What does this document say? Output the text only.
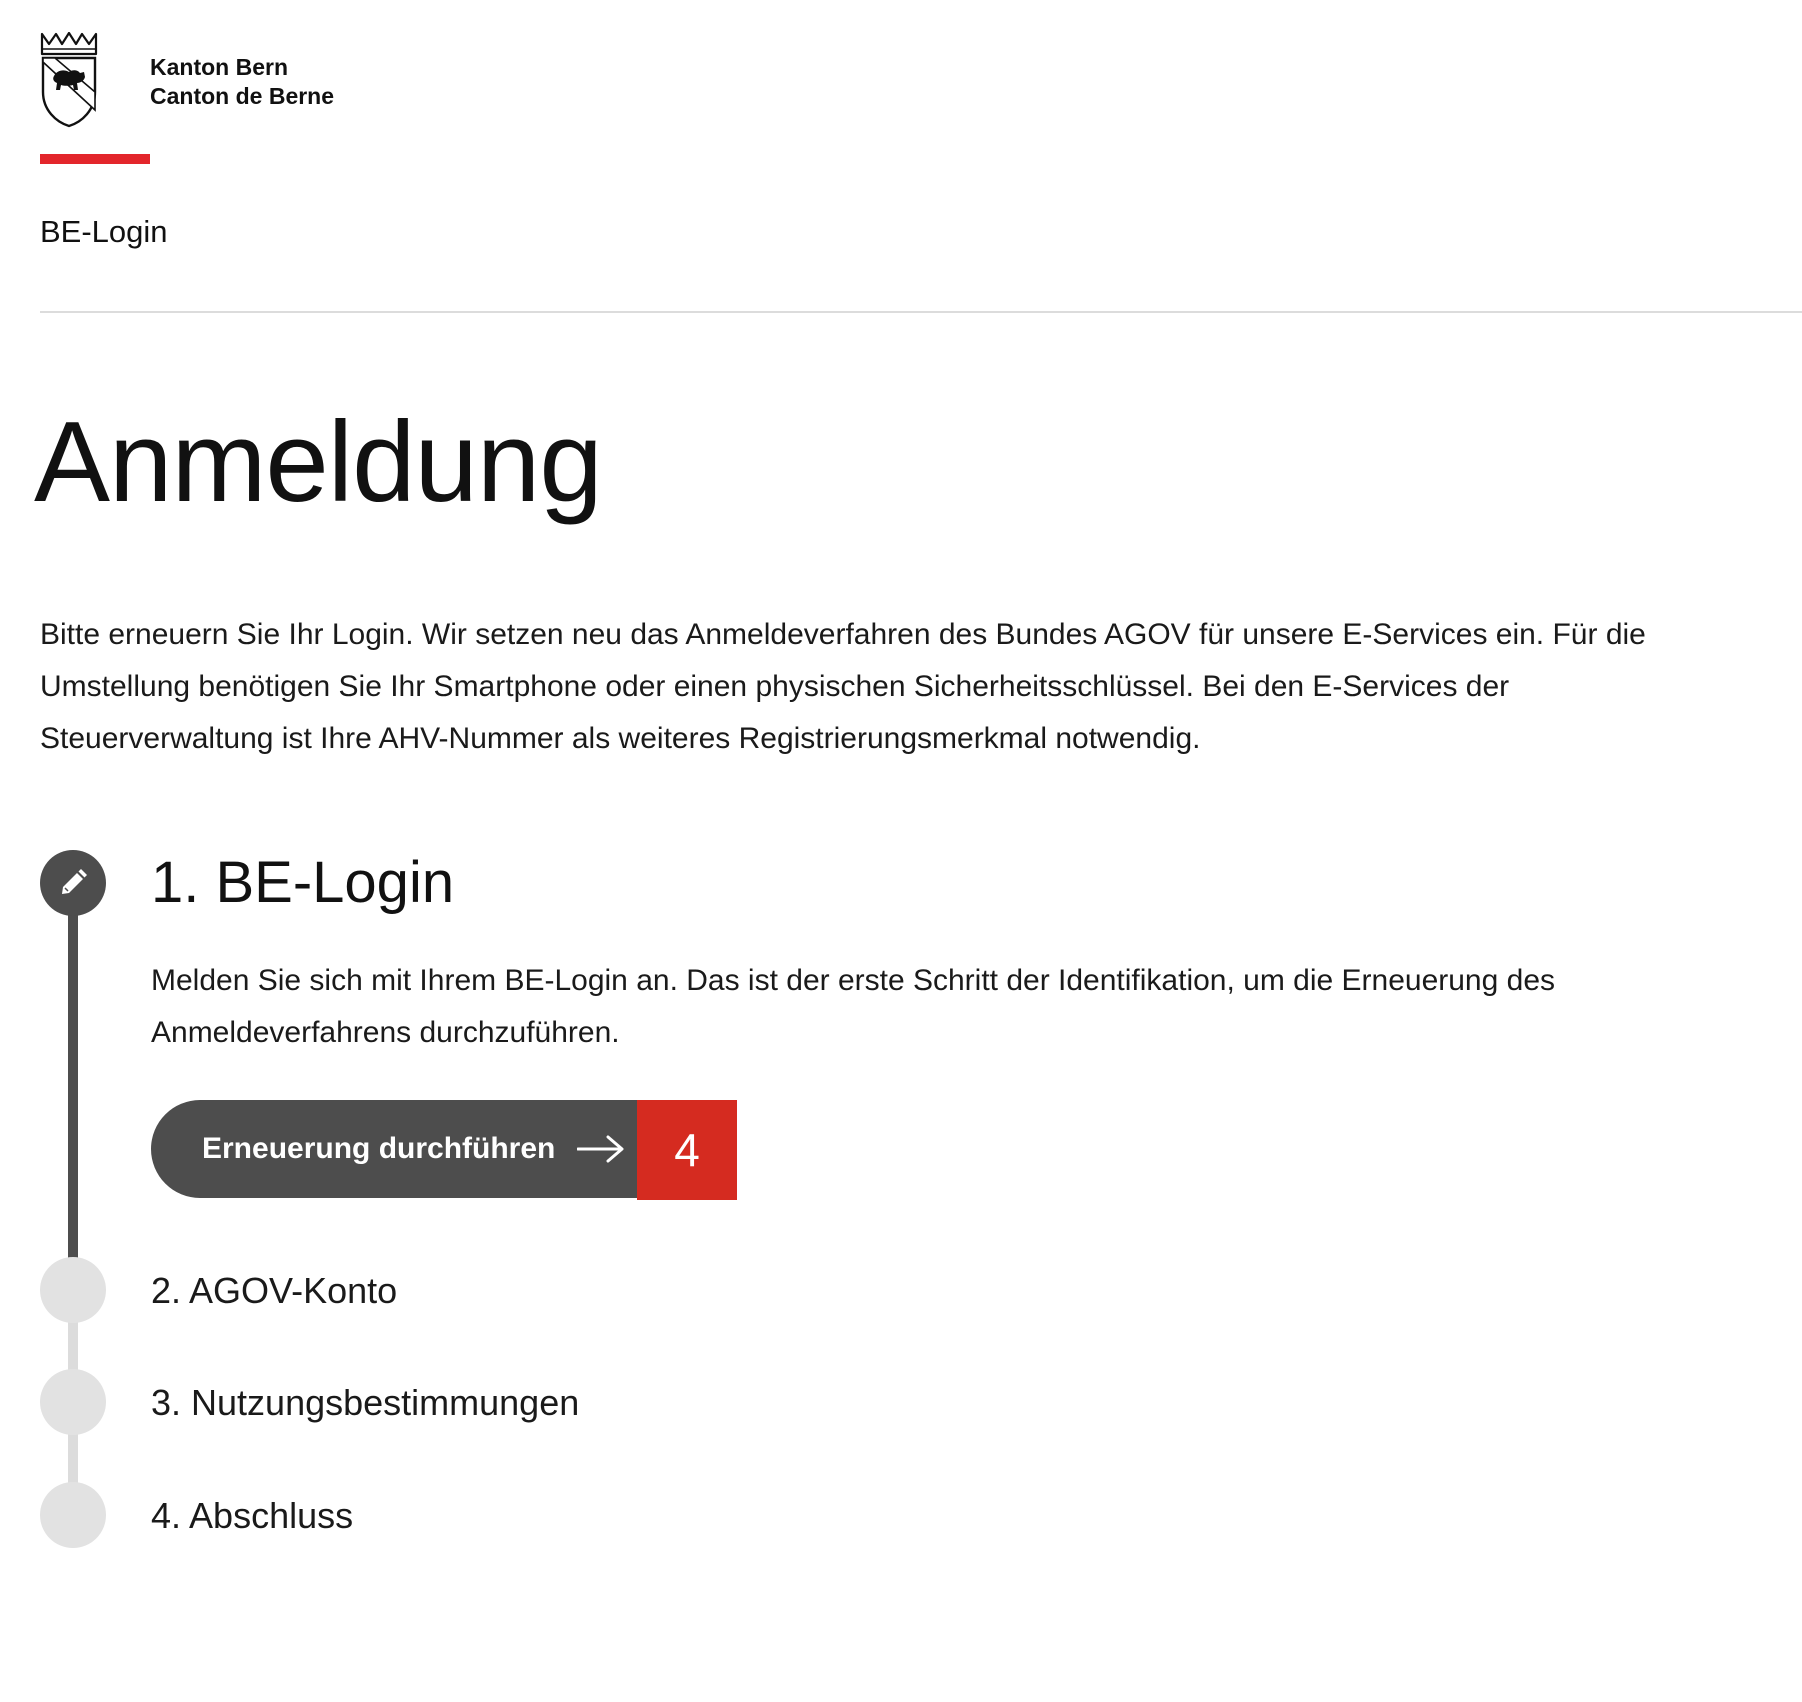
Kanton Bern
Canton de Berne
BE-Login
Anmeldung

Bitte erneuern Sie Ihr Login. Wir setzen neu das Anmeldeverfahren des Bundes AGOV für unsere E-Services ein. Für die Umstellung benötigen Sie Ihr Smartphone oder einen physischen Sicherheitsschlüssel. Bei den E-Services der Steuerverwaltung ist Ihre AHV-Nummer als weiteres Registrierungsmerkmal notwendig.

1. BE-Login

Melden Sie sich mit Ihrem BE-Login an. Das ist der erste Schritt der Identifikation, um die Erneuerung des Anmeldeverfahrens durchzuführen.

Erneuerung durchführen	4
2. AGOV-Konto
3. Nutzungsbestimmungen
4. Abschluss
